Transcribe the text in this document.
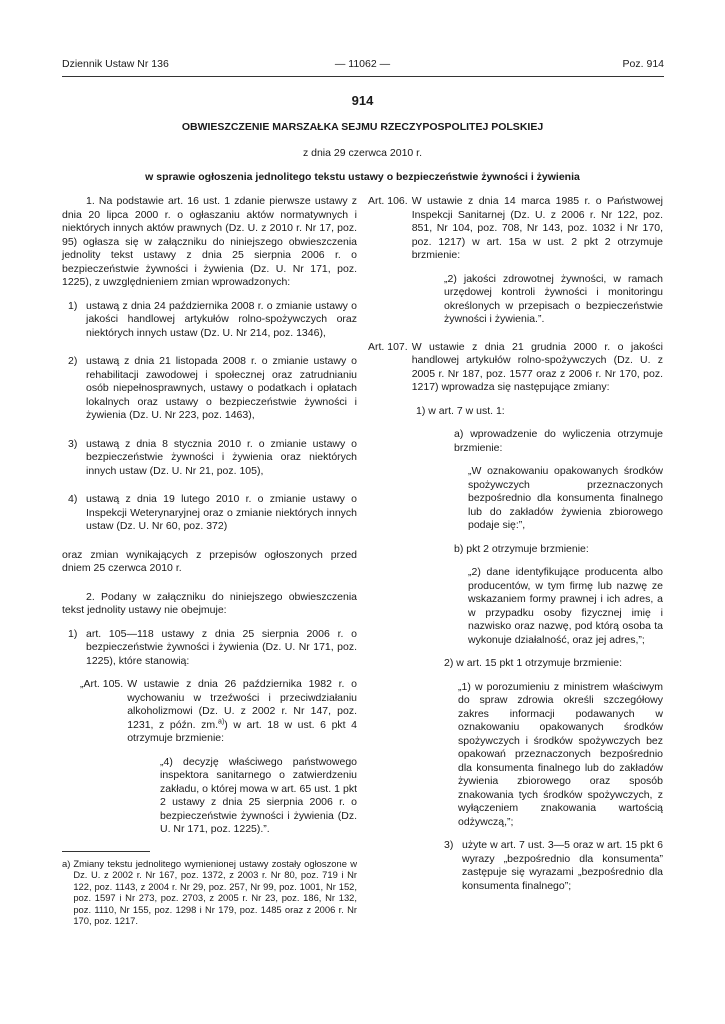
Dziennik Ustaw Nr 136	— 11062 —	Poz. 914
914
OBWIESZCZENIE MARSZAŁKA SEJMU RZECZYPOSPOLITEJ POLSKIEJ
z dnia 29 czerwca 2010 r.
w sprawie ogłoszenia jednolitego tekstu ustawy o bezpieczeństwie żywności i żywienia

1. Na podstawie art. 16 ust. 1 zdanie pierwsze ustawy z dnia 20 lipca 2000 r. o ogłaszaniu aktów normatywnych i niektórych innych aktów prawnych (Dz. U. z 2010 r. Nr 17, poz. 95) ogłasza się w załączniku do niniejszego obwieszczenia jednolity tekst ustawy z dnia 25 sierpnia 2006 r. o bezpieczeństwie żywności i żywienia (Dz. U. Nr 171, poz. 1225), z uwzględnieniem zmian wprowadzonych:

1) ustawą z dnia 24 października 2008 r. o zmianie ustawy o jakości handlowej artykułów rolno-spożywczych oraz niektórych innych ustaw (Dz. U. Nr 214, poz. 1346),
2) ustawą z dnia 21 listopada 2008 r. o zmianie ustawy o rehabilitacji zawodowej i społecznej oraz zatrudnianiu osób niepełnosprawnych, ustawy o podatkach i opłatach lokalnych oraz ustawy o bezpieczeństwie żywności i żywienia (Dz. U. Nr 223, poz. 1463),
3) ustawą z dnia 8 stycznia 2010 r. o zmianie ustawy o bezpieczeństwie żywności i żywienia oraz niektórych innych ustaw (Dz. U. Nr 21, poz. 105),
4) ustawą z dnia 19 lutego 2010 r. o zmianie ustawy o Inspekcji Weterynaryjnej oraz o zmianie niektórych innych ustaw (Dz. U. Nr 60, poz. 372)

oraz zmian wynikających z przepisów ogłoszonych przed dniem 25 czerwca 2010 r.

2. Podany w załączniku do niniejszego obwieszczenia tekst jednolity ustawy nie obejmuje:

1) art. 105—118 ustawy z dnia 25 sierpnia 2006 r. o bezpieczeństwie żywności i żywienia (Dz. U. Nr 171, poz. 1225), które stanowią:
„Art. 105. W ustawie z dnia 26 października 1982 r. o wychowaniu w trzeźwości i przeciwdziałaniu alkoholizmowi (Dz. U. z 2002 r. Nr 147, poz. 1231, z późn. zm.$^{a)}$) w art. 18 w ust. 6 pkt 4 otrzymuje brzmienie:

„4) decyzję właściwego państwowego inspektora sanitarnego o zatwierdzeniu zakładu, o której mowa w art. 65 ust. 1 pkt 2 ustawy z dnia 25 sierpnia 2006 r. o bezpieczeństwie żywności i żywienia (Dz. U. Nr 171, poz. 1225).”.

a) Zmiany tekstu jednolitego wymienionej ustawy zostały ogłoszone w Dz. U. z 2002 r. Nr 167, poz. 1372, z 2003 r. Nr 80, poz. 719 i Nr 122, poz. 1143, z 2004 r. Nr 29, poz. 257, Nr 99, poz. 1001, Nr 152, poz. 1597 i Nr 273, poz. 2703, z 2005 r. Nr 23, poz. 186, Nr 132, poz. 1110, Nr 155, poz. 1298 i Nr 179, poz. 1485 oraz z 2006 r. Nr 170, poz. 1217.
Art. 106. W ustawie z dnia 14 marca 1985 r. o Państwowej Inspekcji Sanitarnej (Dz. U. z 2006 r. Nr 122, poz. 851, Nr 104, poz. 708, Nr 143, poz. 1032 i Nr 170, poz. 1217) w art. 15a w ust. 2 pkt 2 otrzymuje brzmienie:

„2) jakości zdrowotnej żywności, w ramach urzędowej kontroli żywności i monitoringu określonych w przepisach o bezpieczeństwie żywności i żywienia.”.

Art. 107. W ustawie z dnia 21 grudnia 2000 r. o jakości handlowej artykułów rolno-spożywczych (Dz. U. z 2005 r. Nr 187, poz. 1577 oraz z 2006 r. Nr 170, poz. 1217) wprowadza się następujące zmiany:

1) w art. 7 w ust. 1:

a) wprowadzenie do wyliczenia otrzymuje brzmienie:

„W oznakowaniu opakowanych środków spożywczych przeznaczonych bezpośrednio dla konsumenta finalnego lub do zakładów żywienia zbiorowego podaje się:”,

b) pkt 2 otrzymuje brzmienie:

„2) dane identyfikujące producenta albo producentów, w tym firmę lub nazwę ze wskazaniem formy prawnej i ich adres, a w przypadku osoby fizycznej imię i nazwisko oraz nazwę, pod którą osoba ta wykonuje działalność, oraz jej adres,”;

2) w art. 15 pkt 1 otrzymuje brzmienie:

„1) w porozumieniu z ministrem właściwym do spraw zdrowia określi szczegółowy zakres informacji podawanych w oznakowaniu opakowanych środków spożywczych i środków spożywczych bez opakowań przeznaczonych bezpośrednio dla konsumenta finalnego lub do zakładów żywienia zbiorowego oraz sposób znakowania tych środków spożywczych, z wyłączeniem znakowania wartością odżywczą,”;

3) użyte w art. 7 ust. 3—5 oraz w art. 15 pkt 6 wyrazy „bezpośrednio dla konsumenta” zastępuje się wyrazami „bezpośrednio dla konsumenta finalnego”;
